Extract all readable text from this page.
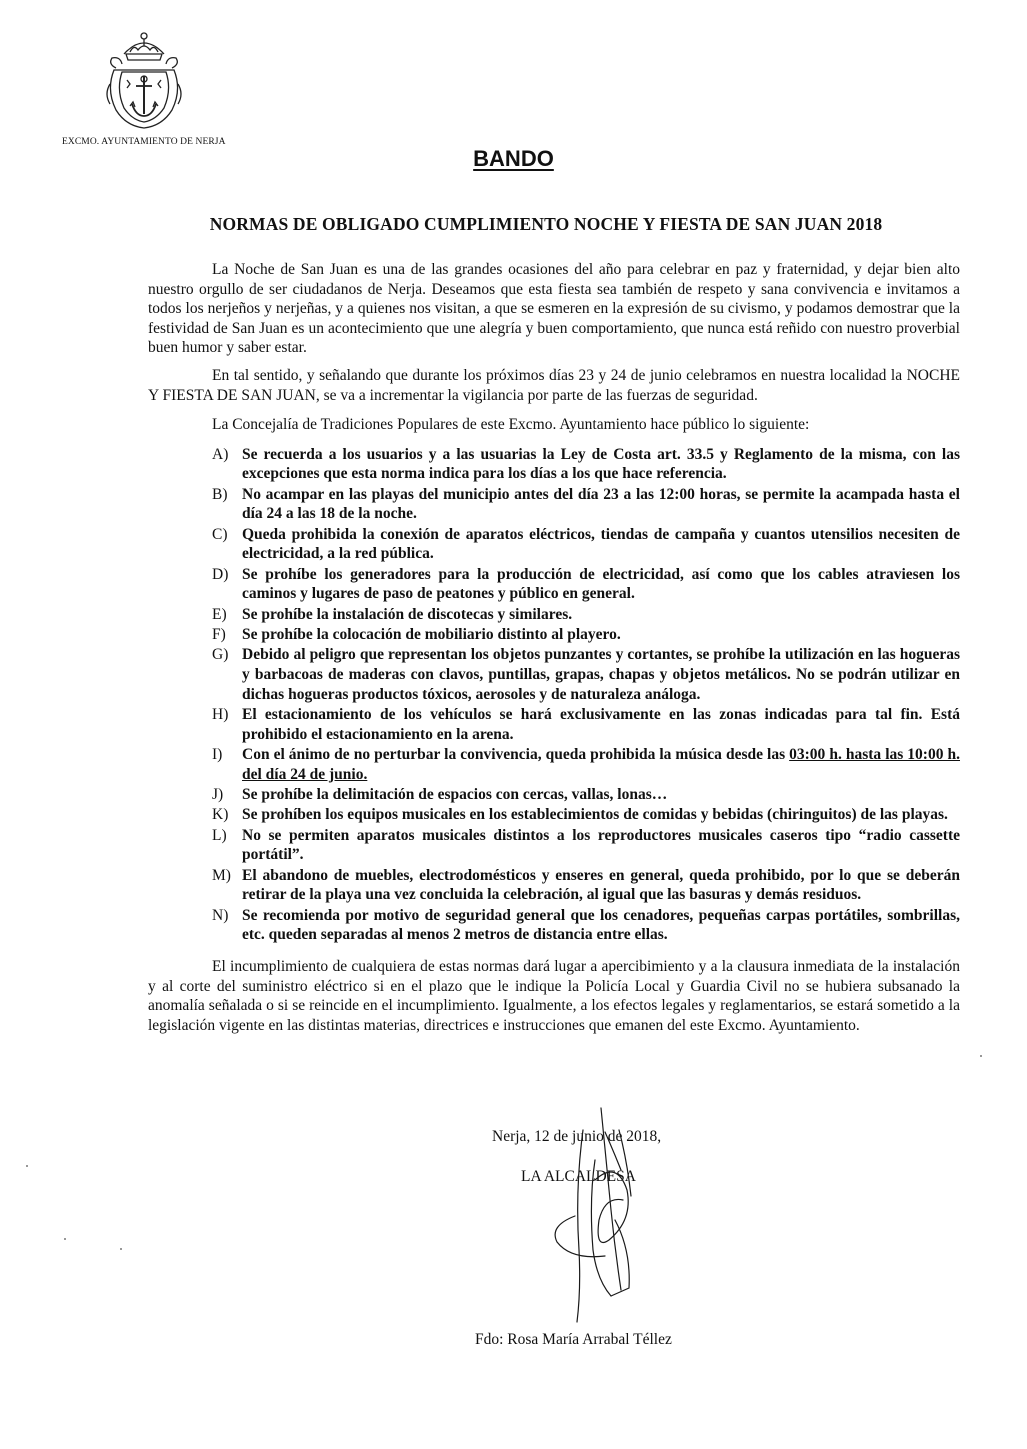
EXCMO. AYUNTAMIENTO DE NERJA
BANDO
NORMAS DE OBLIGADO CUMPLIMIENTO NOCHE Y FIESTA DE SAN JUAN 2018

La Noche de San Juan es una de las grandes ocasiones del año para celebrar en paz y fraternidad, y dejar bien alto nuestro orgullo de ser ciudadanos de Nerja. Deseamos que esta fiesta sea también de respeto y sana convivencia e invitamos a todos los nerjeños y nerjeñas, y a quienes nos visitan, a que se esmeren en la expresión de su civismo, y podamos demostrar que la festividad de San Juan es un acontecimiento que une alegría y buen comportamiento, que nunca está reñido con nuestro proverbial buen humor y saber estar.

En tal sentido, y señalando que durante los próximos días 23 y 24 de junio celebramos en nuestra localidad la NOCHE Y FIESTA DE SAN JUAN, se va a incrementar la vigilancia por parte de las fuerzas de seguridad.

La Concejalía de Tradiciones Populares de este Excmo. Ayuntamiento hace público lo siguiente:

A) Se recuerda a los usuarios y a las usuarias la Ley de Costa art. 33.5 y Reglamento de la misma, con las excepciones que esta norma indica para los días a los que hace referencia.
B) No acampar en las playas del municipio antes del día 23 a las 12:00 horas, se permite la acampada hasta el día 24 a las 18 de la noche.
C) Queda prohibida la conexión de aparatos eléctricos, tiendas de campaña y cuantos utensilios necesiten de electricidad, a la red pública.
D) Se prohíbe los generadores para la producción de electricidad, así como que los cables atraviesen los caminos y lugares de paso de peatones y público en general.
E) Se prohíbe la instalación de discotecas y similares.
F)	Se prohíbe la colocación de mobiliario distinto al playero.
G) Debido al peligro que representan los objetos punzantes y cortantes, se prohíbe la utilización en las hogueras y barbacoas de maderas con clavos, puntillas, grapas, chapas y objetos metálicos. No se podrán utilizar en dichas hogueras productos tóxicos, aerosoles y de naturaleza análoga.
H) El estacionamiento de los vehículos se hará exclusivamente en las zonas indicadas para tal fin. Está prohibido el estacionamiento en la arena.
I)	Con el ánimo de no perturbar la convivencia, queda prohibida la música desde las 03:00 h. hasta las 10:00 h. del día 24 de junio.
J)	Se prohíbe la delimitación de espacios con cercas, vallas, lonas…
K) Se prohíben los equipos musicales en los establecimientos de comidas y bebidas (chiringuitos) de las playas.
L) No se permiten aparatos musicales distintos a los reproductores musicales caseros tipo “radio cassette portátil”.
M) El abandono de muebles, electrodomésticos y enseres en general, queda prohibido, por lo que se deberán retirar de la playa una vez concluida la celebración, al igual que las basuras y demás residuos.
N) Se recomienda por motivo de seguridad general que los cenadores, pequeñas carpas portátiles, sombrillas, etc. queden separadas al menos 2 metros de distancia entre ellas.

El incumplimiento de cualquiera de estas normas dará lugar a apercibimiento y a la clausura inmediata de la instalación y al corte del suministro eléctrico si en el plazo que le indique la Policía Local y Guardia Civil no se hubiera subsanado la anomalía señalada o si se reincide en el incumplimiento. Igualmente, a los efectos legales y reglamentarios, se estará sometido a la legislación vigente en las distintas materias, directrices e instrucciones que emanen del este Excmo. Ayuntamiento.

Nerja, 12 de junio de 2018,
LA ALCALDESA
Fdo: Rosa María Arrabal Téllez
